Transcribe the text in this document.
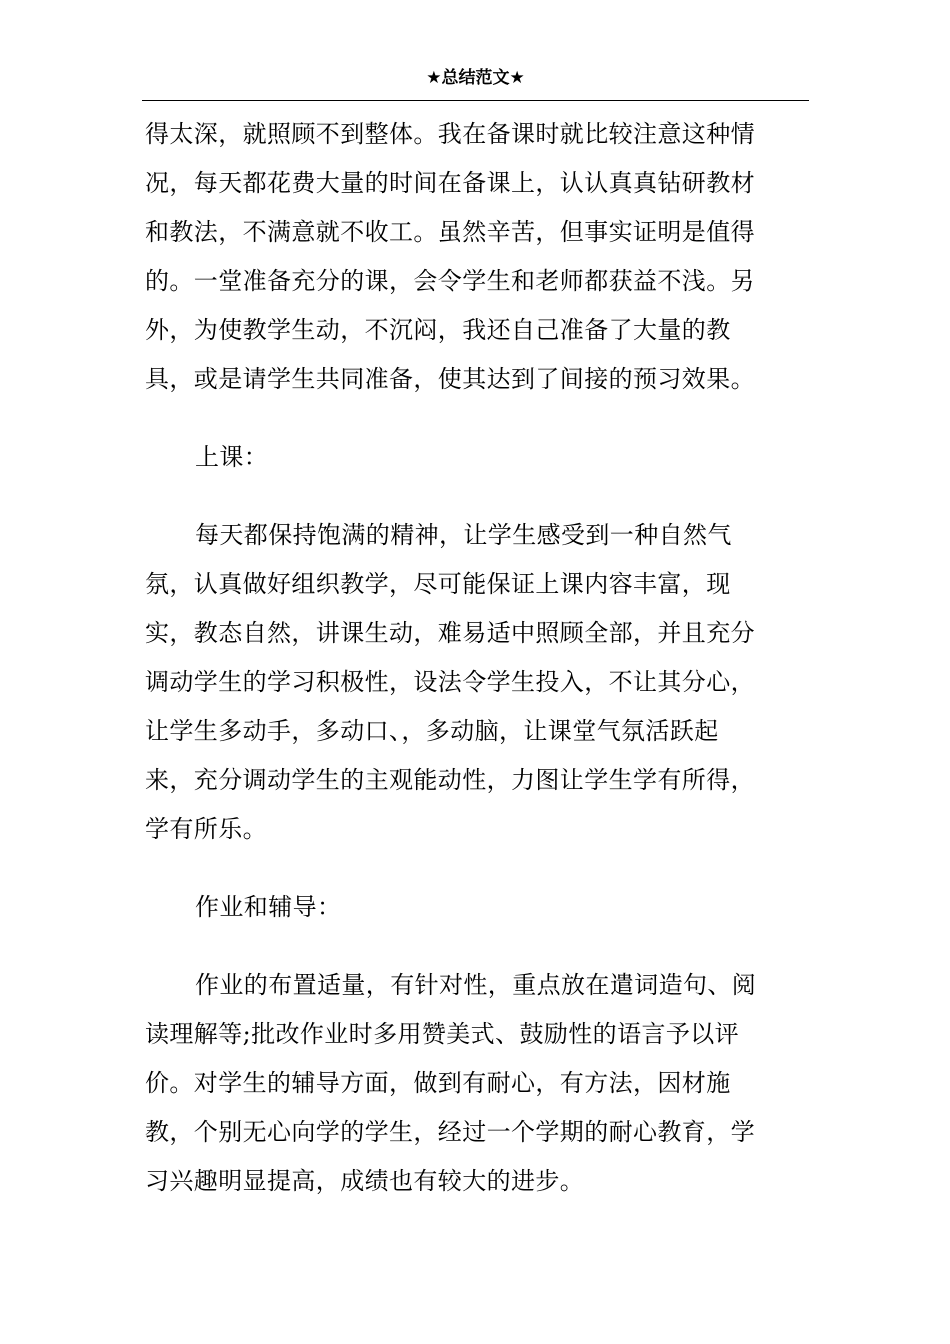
★总结范文★

得太深，就照顾不到整体。我在备课时就比较注意这种情
况，每天都花费大量的时间在备课上，认认真真钻研教材
和教法，不满意就不收工。虽然辛苦，但事实证明是值得
的。一堂准备充分的课，会令学生和老师都获益不浅。另
外，为使教学生动，不沉闷，我还自己准备了大量的教
具，或是请学生共同准备，使其达到了间接的预习效果。

上课：

每天都保持饱满的精神，让学生感受到一种自然气
氛，认真做好组织教学，尽可能保证上课内容丰富，现
实，教态自然，讲课生动，难易适中照顾全部，并且充分
调动学生的学习积极性，设法令学生投入，不让其分心，
让学生多动手，多动口、，多动脑，让课堂气氛活跃起
来，充分调动学生的主观能动性，力图让学生学有所得，
学有所乐。

作业和辅导：

作业的布置适量，有针对性，重点放在遣词造句、阅
读理解等;批改作业时多用赞美式、鼓励性的语言予以评
价。对学生的辅导方面，做到有耐心，有方法，因材施
教，个别无心向学的学生，经过一个学期的耐心教育，学
习兴趣明显提高，成绩也有较大的进步。
